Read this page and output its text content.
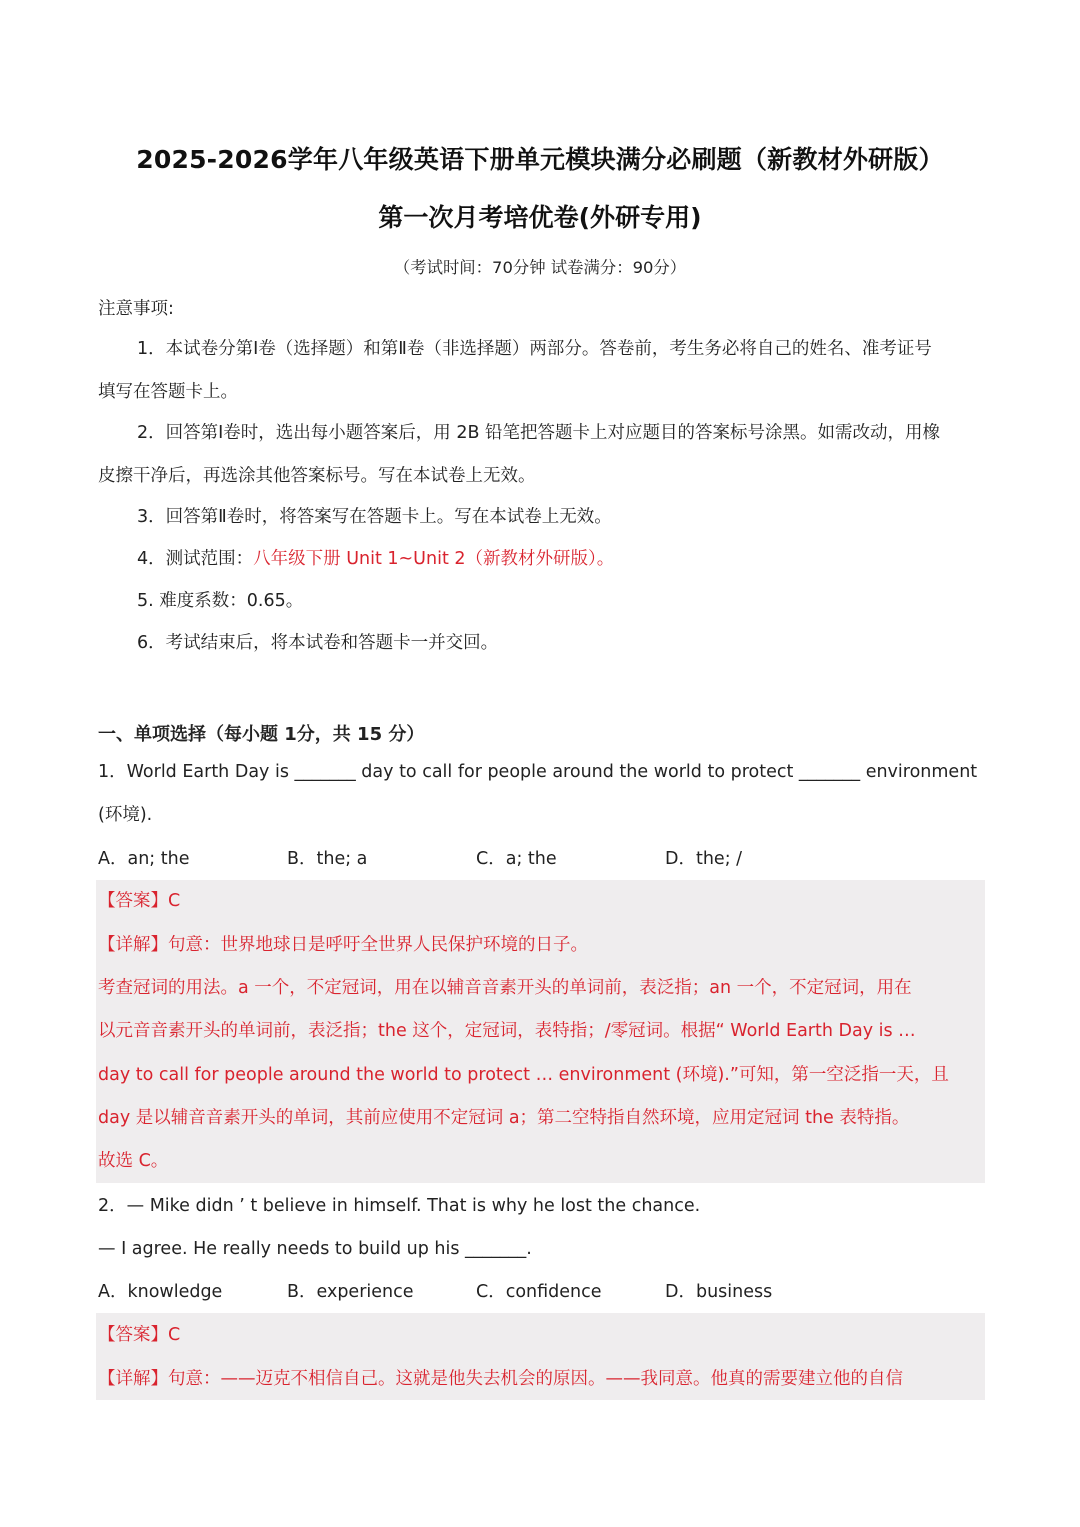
2025-2026学年八年级英语下册单元模块满分必刷题（新教材外研版）
第一次月考培优卷(外研专用)
（考试时间：70分钟 试卷满分：90分）
注意事项:
1．本试卷分第Ⅰ卷（选择题）和第Ⅱ卷（非选择题）两部分。答卷前，考生务必将自己的姓名、准考证号
填写在答题卡上。
2．回答第Ⅰ卷时，选出每小题答案后，用 2B 铅笔把答题卡上对应题目的答案标号涂黑。如需改动，用橡
皮擦干净后，再选涂其他答案标号。写在本试卷上无效。
3．回答第Ⅱ卷时，将答案写在答题卡上。写在本试卷上无效。
4．测试范围：八年级下册 Unit 1~Unit 2（新教材外研版）。
5. 难度系数：0.65。
6．考试结束后，将本试卷和答题卡一并交回。
一、单项选择（每小题 1分，共 15 分）
1．World Earth Day is _______ day to call for people around the world to protect _______ environment
(环境).
A．an; the	B．the; a	C．a; the	D．the; /
【答案】C
【详解】句意：世界地球日是呼吁全世界人民保护环境的日子。
考查冠词的用法。a 一个，不定冠词，用在以辅音音素开头的单词前，表泛指；an 一个，不定冠词，用在
以元音音素开头的单词前，表泛指；the 这个，定冠词，表特指；/零冠词。根据“ World Earth Day is …
day to call for people around the world to protect … environment (环境).”可知，第一空泛指一天，且
day 是以辅音音素开头的单词，其前应使用不定冠词 a；第二空特指自然环境，应用定冠词 the 表特指。
故选 C。
2．— Mike didn ’ t believe in himself. That is why he lost the chance.
— I agree. He really needs to build up his _______.
A．knowledge	B．experience	C．confidence	D．business
【答案】C
【详解】句意：——迈克不相信自己。这就是他失去机会的原因。——我同意。他真的需要建立他的自信
